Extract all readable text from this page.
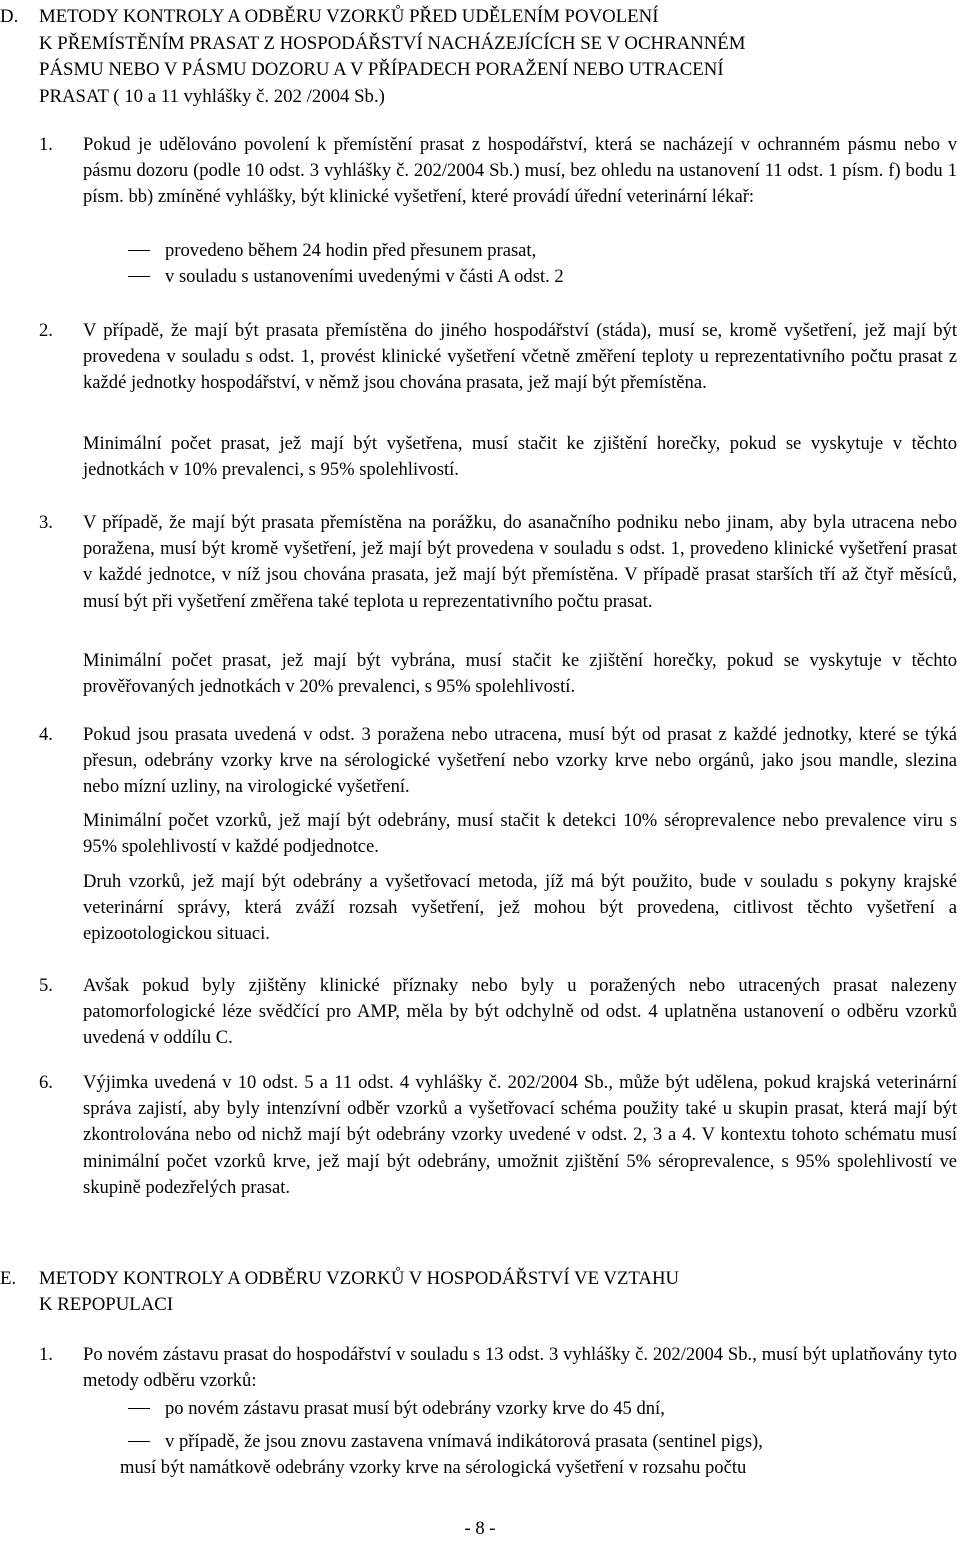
D. METODY KONTROLY A ODBĚRU VZORKŮ PŘED UDĚLENÍM POVOLENÍ
K PŘEMÍSTĚNÍM PRASAT Z HOSPODÁŘSTVÍ NACHÁZEJÍCÍCH SE V OCHRANNÉM
PÁSMU NEBO V PÁSMU DOZORU A V PŘÍPADECH PORAŽENÍ NEBO UTRACENÍ
PRASAT ( 10 a 11 vyhlášky č. 202 /2004 Sb.)
1. Pokud je udělováno povolení k přemístění prasat z hospodářství, která se nacházejí v ochranném pásmu nebo v pásmu dozoru (podle 10 odst. 3 vyhlášky č. 202/2004 Sb.) musí, bez ohledu na ustanovení 11 odst. 1 písm. f) bodu 1 písm. bb) zmíněné vyhlášky, být klinické vyšetření, které provádí úřední veterinární lékař:
provedeno během 24 hodin před přesunem prasat,
v souladu s ustanoveními uvedenými v části A odst. 2
2. V případě, že mají být prasata přemístěna do jiného hospodářství (stáda), musí se, kromě vyšetření, jež mají být provedena v souladu s odst. 1, provést klinické vyšetření včetně změření teploty u reprezentativního počtu prasat z každé jednotky hospodářství, v němž jsou chována prasata, jež mají být přemístěna.
Minimální počet prasat, jež mají být vyšetřena, musí stačit ke zjištění horečky, pokud se vyskytuje v těchto jednotkách v 10% prevalenci, s 95% spolehlivostí.
3. V případě, že mají být prasata přemístěna na porážku, do asanačního podniku nebo jinam, aby byla utracena nebo poražena, musí být kromě vyšetření, jež mají být provedena v souladu s odst. 1, provedeno klinické vyšetření prasat v každé jednotce, v níž jsou chována prasata, jež mají být přemístěna. V případě prasat starších tří až čtyř měsíců, musí být při vyšetření změřena také teplota u reprezentativního počtu prasat.
Minimální počet prasat, jež mají být vybrána, musí stačit ke zjištění horečky, pokud se vyskytuje v těchto prověřovaných jednotkách v 20% prevalenci, s 95% spolehlivostí.
4. Pokud jsou prasata uvedená v odst. 3 poražena nebo utracena, musí být od prasat z každé jednotky, které se týká přesun, odebrány vzorky krve na sérologické vyšetření nebo vzorky krve nebo orgánů, jako jsou mandle, slezina nebo mízní uzliny, na virologické vyšetření.
Minimální počet vzorků, jež mají být odebrány, musí stačit k detekci 10% séroprevalence nebo prevalence viru s 95% spolehlivostí v každé podjednotce.
Druh vzorků, jež mají být odebrány a vyšetřovací metoda, jíž má být použito, bude v souladu s pokyny krajské veterinární správy, která zváží rozsah vyšetření, jež mohou být provedena, citlivost těchto vyšetření a epizootologickou situaci.
5. Avšak pokud byly zjištěny klinické příznaky nebo byly u poražených nebo utracených prasat nalezeny patomorfologické léze svědčící pro AMP, měla by být odchylně od odst. 4 uplatněna ustanovení o odběru vzorků uvedená v oddílu C.
6. Výjimka uvedená v 10 odst. 5 a 11 odst. 4 vyhlášky č. 202/2004 Sb., může být udělena, pokud krajská veterinární správa zajistí, aby byly intenzívní odběr vzorků a vyšetřovací schéma použity také u skupin prasat, která mají být zkontrolována nebo od nichž mají být odebrány vzorky uvedené v odst. 2, 3 a 4. V kontextu tohoto schématu musí minimální počet vzorků krve, jež mají být odebrány, umožnit zjištění 5% séroprevalence, s 95% spolehlivostí ve skupině podezřelých prasat.
E. METODY KONTROLY A ODBĚRU VZORKŮ V HOSPODÁŘSTVÍ VE VZTAHU
K REPOPULACI
1. Po novém zástavu prasat do hospodářství v souladu s 13 odst. 3 vyhlášky č. 202/2004 Sb., musí být uplatňovány tyto metody odběru vzorků:
po novém zástavu prasat musí být odebrány vzorky krve do 45 dní,
v případě, že jsou znovu zastavena vnímavá indikátorová prasata (sentinel pigs),
musí být namátkově odebrány vzorky krve na sérologická vyšetření v rozsahu počtu
- 8 -
